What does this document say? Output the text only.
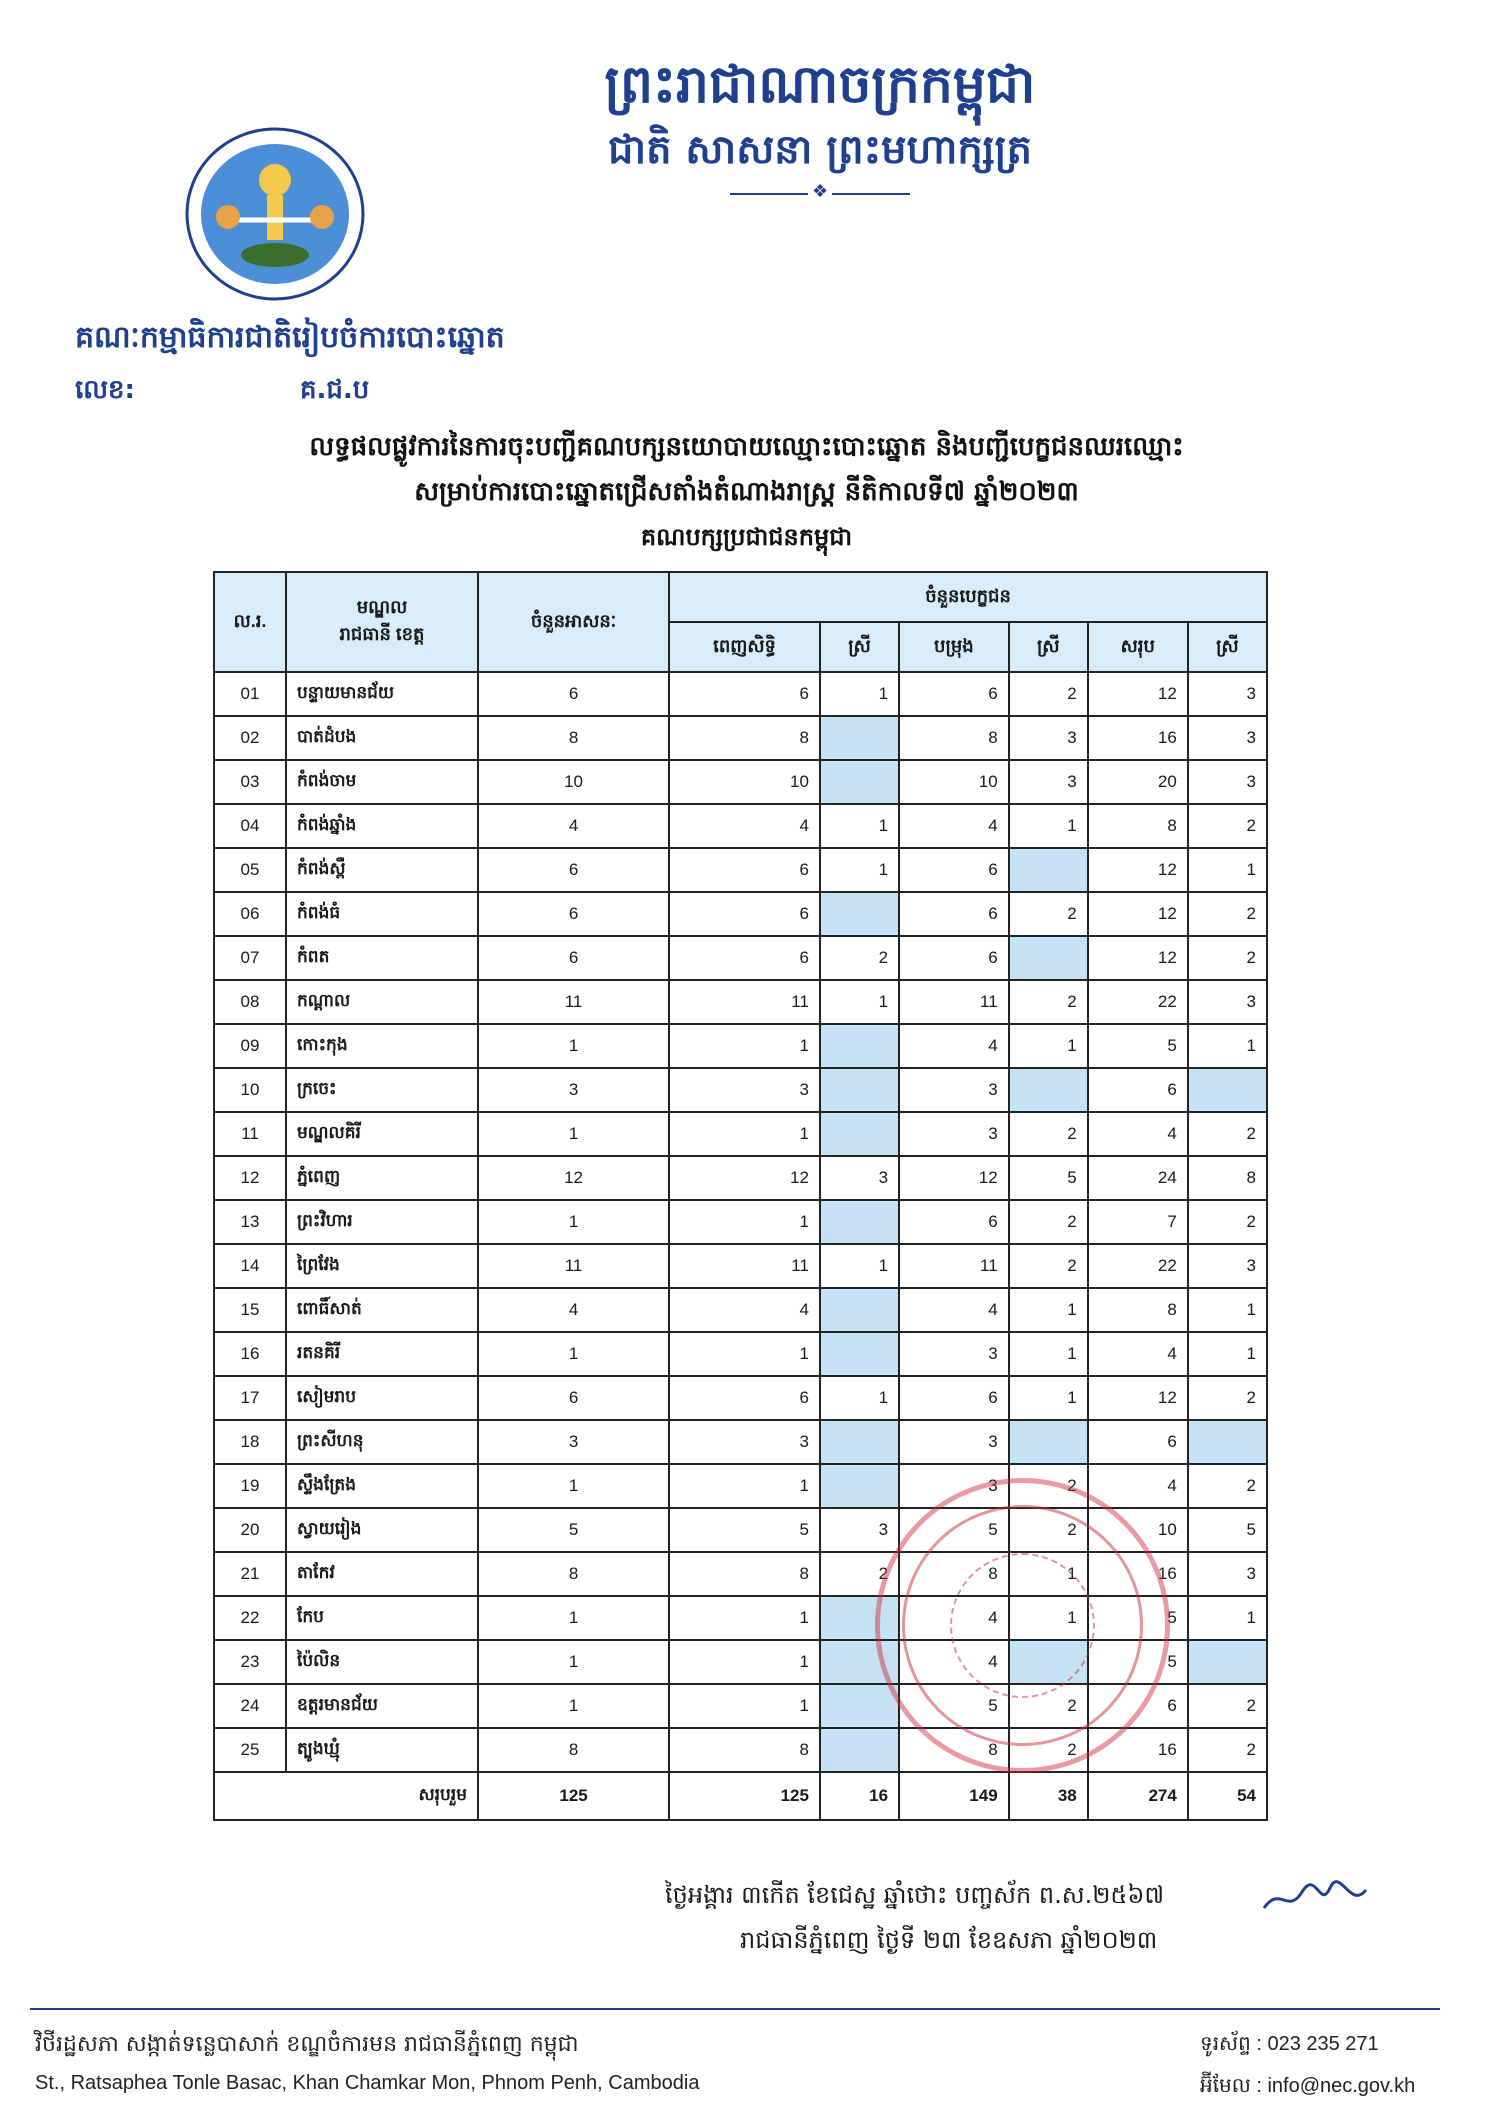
ព្រះរាជាណាចក្រកម្ពុជា
ជាតិ សាសនា ព្រះមហាក្សត្រ
❖
គណៈកម្មាធិការជាតិរៀបចំការបោះឆ្នោត
លេខ:	គ.ជ.ប
លទ្ធផលផ្លូវការនៃការចុះបញ្ជីគណបក្សនយោបាយឈ្មោះបោះឆ្នោត និងបញ្ជីបេក្ខជនឈរឈ្មោះ
សម្រាប់ការបោះឆ្នោតជ្រើសតាំងតំណាងរាស្ត្រ នីតិកាលទី៧ ឆ្នាំ២០២៣
គណបក្សប្រជាជនកម្ពុជា
ល.រ.	មណ្ឌល
រាជធានី ខេត្ត	ចំនួនអាសនៈ	ចំនួនបេក្ខជន					
			ពេញសិទ្ធិ	ស្រី	បម្រុង	ស្រី	សរុប	ស្រី
01	បន្ទាយមានជ័យ	6	6	1	6	2	12	3
02	បាត់ដំបង	8	8		8	3	16	3
03	កំពង់ចាម	10	10		10	3	20	3
04	កំពង់ឆ្នាំង	4	4	1	4	1	8	2
05	កំពង់ស្ពឺ	6	6	1	6		12	1
06	កំពង់ធំ	6	6		6	2	12	2
07	កំពត	6	6	2	6		12	2
08	កណ្ដាល	11	11	1	11	2	22	3
09	កោះកុង	1	1		4	1	5	1
10	ក្រចេះ	3	3		3		6	
11	មណ្ឌលគិរី	1	1		3	2	4	2
12	ភ្នំពេញ	12	12	3	12	5	24	8
13	ព្រះវិហារ	1	1		6	2	7	2
14	ព្រៃវែង	11	11	1	11	2	22	3
15	ពោធិ៍សាត់	4	4		4	1	8	1
16	រតនគិរី	1	1		3	1	4	1
17	សៀមរាប	6	6	1	6	1	12	2
18	ព្រះសីហនុ	3	3		3		6	
19	ស្ទឹងត្រែង	1	1		3	2	4	2
20	ស្វាយរៀង	5	5	3	5	2	10	5
21	តាកែវ	8	8	2	8	1	16	3
22	កែប	1	1		4	1	5	1
23	ប៉ៃលិន	1	1		4		5	
24	ឧត្តរមានជ័យ	1	1		5	2	6	2
25	ត្បូងឃ្មុំ	8	8		8	2	16	2
សរុបរួម		125	125	16	149	38	274	54
ថ្ងៃអង្គារ ៣កើត ខែជេស្ឋ ឆ្នាំថោះ បញ្ចស័ក ព.ស.២៥៦៧
រាជធានីភ្នំពេញ ថ្ងៃទី ២៣ ខែឧសភា ឆ្នាំ២០២៣
វិថីរដ្ឋសភា សង្កាត់ទន្លេបាសាក់ ខណ្ឌចំការមន រាជធានីភ្នំពេញ កម្ពុជា
St., Ratsaphea Tonle Basac, Khan Chamkar Mon, Phnom Penh, Cambodia
ទូរស័ព្ទ : 023 235 271
អ៊ីមែល : info@nec.gov.kh
